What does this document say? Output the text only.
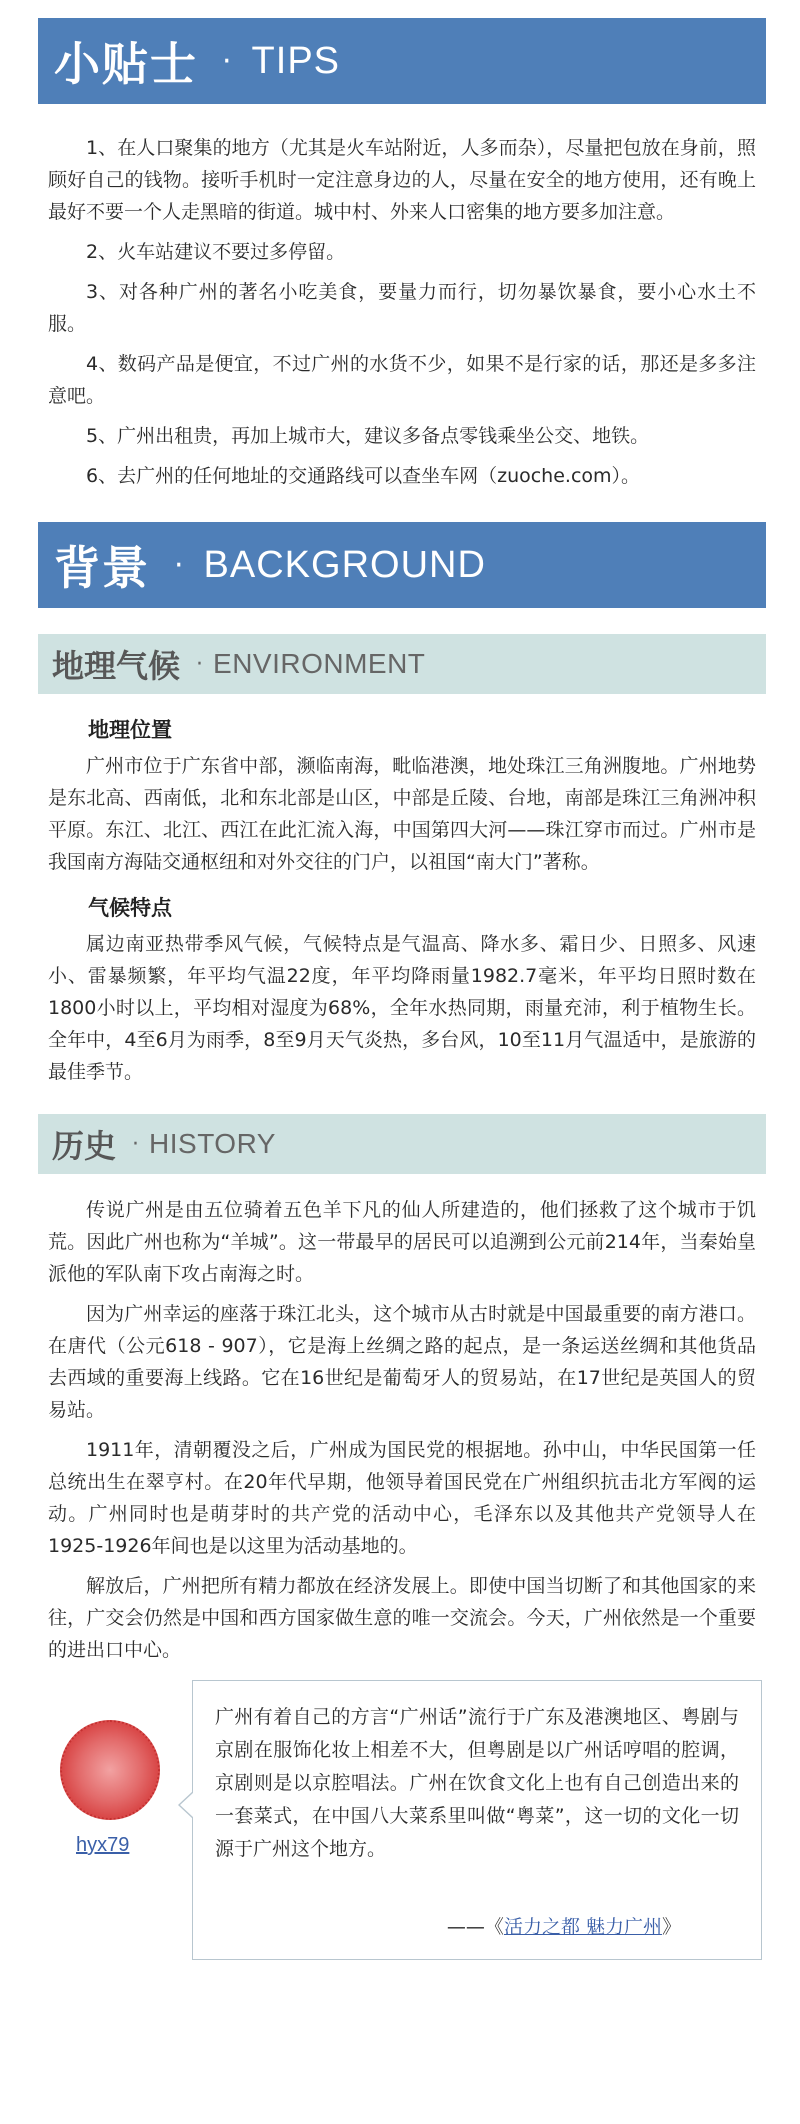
小贴士 · TIPS

1、在人口聚集的地方（尤其是火车站附近，人多而杂），尽量把包放在身前，照顾好自己的钱物。接听手机时一定注意身边的人，尽量在安全的地方使用，还有晚上最好不要一个人走黑暗的街道。城中村、外来人口密集的地方要多加注意。

2、火车站建议不要过多停留。

3、对各种广州的著名小吃美食，要量力而行，切勿暴饮暴食，要小心水土不服。

4、数码产品是便宜，不过广州的水货不少，如果不是行家的话，那还是多多注意吧。

5、广州出租贵，再加上城市大，建议多备点零钱乘坐公交、地铁。

6、去广州的任何地址的交通路线可以查坐车网（zuoche.com）。

背景 · BACKGROUND
地理气候 · ENVIRONMENT
地理位置

广州市位于广东省中部，濒临南海，毗临港澳，地处珠江三角洲腹地。广州地势是东北高、西南低，北和东北部是山区，中部是丘陵、台地，南部是珠江三角洲冲积平原。东江、北江、西江在此汇流入海，中国第四大河——珠江穿市而过。广州市是我国南方海陆交通枢纽和对外交往的门户，以祖国“南大门”著称。

气候特点

属边南亚热带季风气候，气候特点是气温高、降水多、霜日少、日照多、风速小、雷暴频繁，年平均气温22度，年平均降雨量1982.7毫米，年平均日照时数在1800小时以上，平均相对湿度为68%，全年水热同期，雨量充沛，利于植物生长。全年中，4至6月为雨季，8至9月天气炎热，多台风，10至11月气温适中，是旅游的最佳季节。

历史 · HISTORY

传说广州是由五位骑着五色羊下凡的仙人所建造的，他们拯救了这个城市于饥荒。因此广州也称为“羊城”。这一带最早的居民可以追溯到公元前214年，当秦始皇派他的军队南下攻占南海之时。

因为广州幸运的座落于珠江北头，这个城市从古时就是中国最重要的南方港口。在唐代（公元618 - 907），它是海上丝绸之路的起点，是一条运送丝绸和其他货品去西域的重要海上线路。它在16世纪是葡萄牙人的贸易站，在17世纪是英国人的贸易站。

1911年，清朝覆没之后，广州成为国民党的根据地。孙中山，中华民国第一任总统出生在翠亨村。在20年代早期，他领导着国民党在广州组织抗击北方军阀的运动。广州同时也是萌芽时的共产党的活动中心，毛泽东以及其他共产党领导人在1925-1926年间也是以这里为活动基地的。

解放后，广州把所有精力都放在经济发展上。即使中国当切断了和其他国家的来往，广交会仍然是中国和西方国家做生意的唯一交流会。今天，广州依然是一个重要的进出口中心。

hyx79

广州有着自己的方言“广州话”流行于广东及港澳地区、粤剧与京剧在服饰化妆上相差不大，但粤剧是以广州话哼唱的腔调，京剧则是以京腔唱法。广州在饮食文化上也有自己创造出来的一套菜式，在中国八大菜系里叫做“粤菜”，这一切的文化一切源于广州这个地方。

——《活力之都 魅力广州》
